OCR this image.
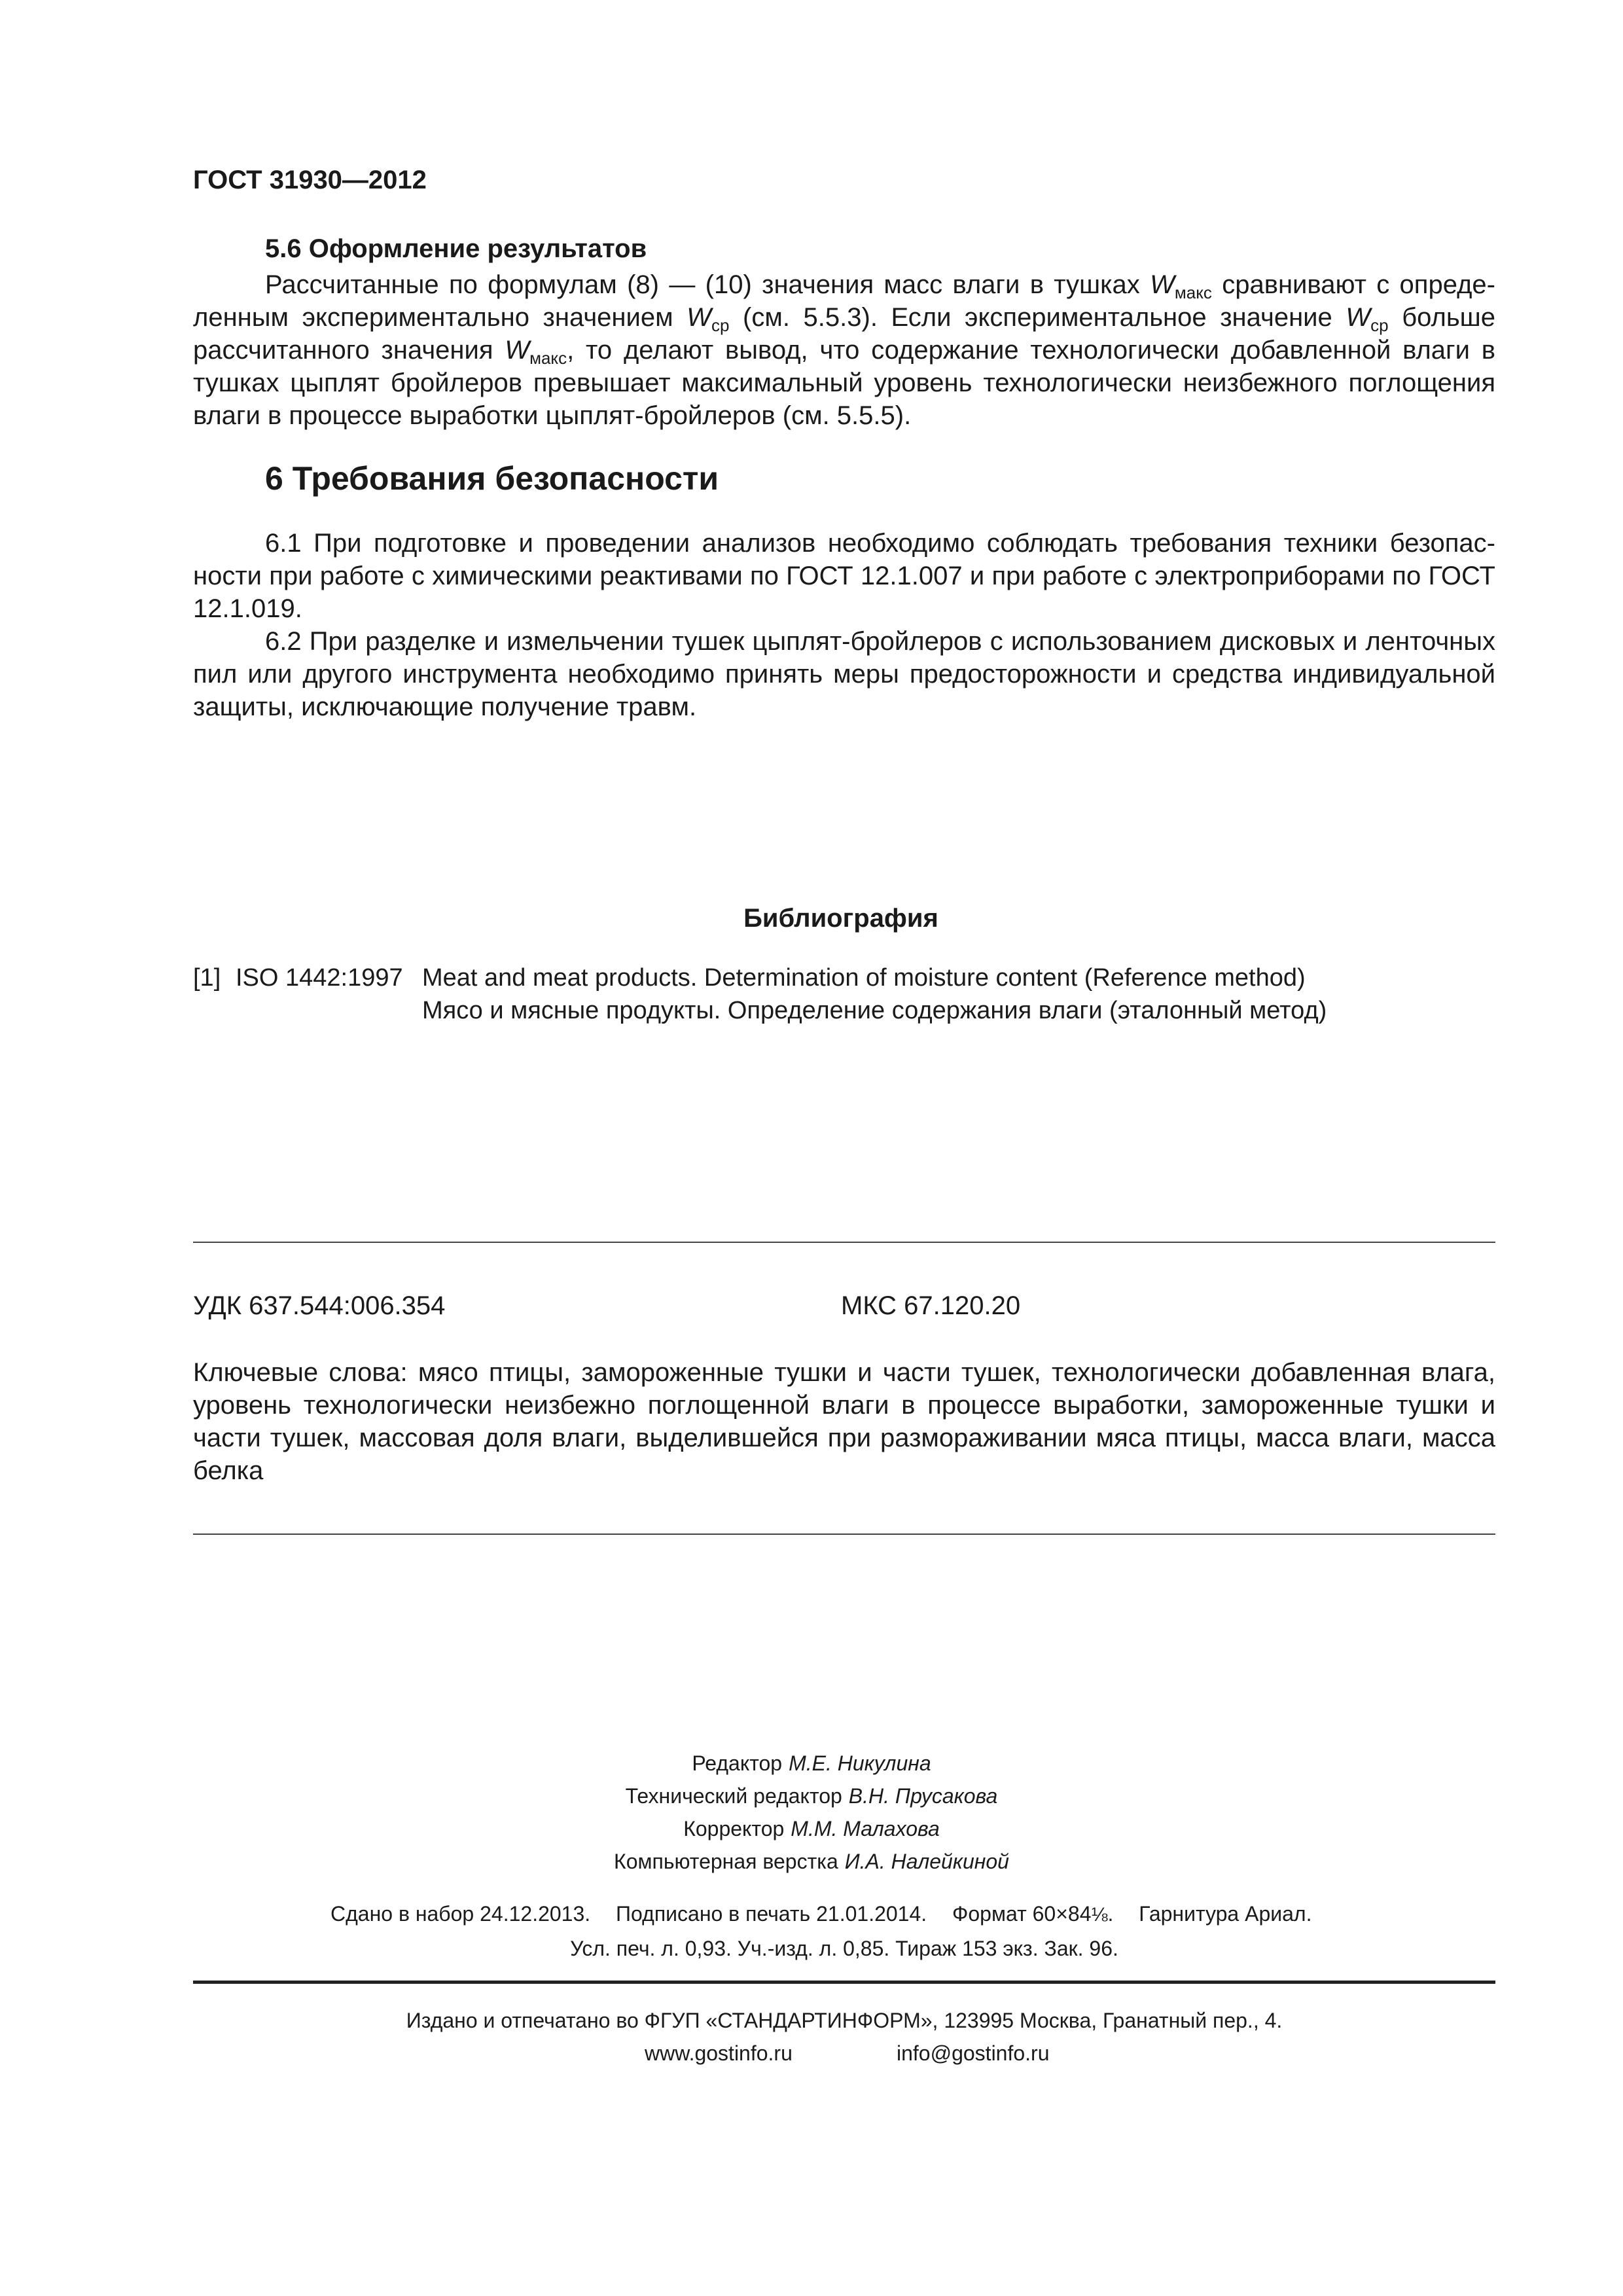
ГОСТ 31930—2012
5.6 Оформление результатов
Рассчитанные по формулам (8) — (10) значения масс влаги в тушках $W_{макс}$ сравнивают с определенным экспериментально значением $W_{ср}$ (см. 5.5.3). Если экспериментальное значение $W_{ср}$ больше рассчитанного значения $W_{макс}$, то делают вывод, что содержание технологически добавленной влаги в тушках цыплят бройлеров превышает максимальный уровень технологически неизбежного поглощения влаги в процессе выработки цыплят-бройлеров (см. 5.5.5).
6 Требования безопасности
6.1 При подготовке и проведении анализов необходимо соблюдать требования техники безопасности при работе с химическими реактивами по ГОСТ 12.1.007 и при работе с электроприборами по ГОСТ 12.1.019.
6.2 При разделке и измельчении тушек цыплят-бройлеров с использованием дисковых и ленточных пил или другого инструмента необходимо принять меры предосторожности и средства индивидуальной защиты, исключающие получение травм.
Библиография
[1] ISO 1442:1997 Meat and meat products. Determination of moisture content (Reference method)
Мясо и мясные продукты. Определение содержания влаги (эталонный метод)
УДК 637.544:006.354	МКС 67.120.20
Ключевые слова: мясо птицы, замороженные тушки и части тушек, технологически добавленная влага, уровень технологически неизбежно поглощенной влаги в процессе выработки, замороженные тушки и части тушек, массовая доля влаги, выделившейся при размораживании мяса птицы, масса влаги, масса белка
Редактор М.Е. Никулина
Технический редактор В.Н. Прусакова
Корректор М.М. Малахова
Компьютерная верстка И.А. Налейкиной
Сдано в набор 24.12.2013. Подписано в печать 21.01.2014. Формат 60×84⅛. Гарнитура Ариал.
Усл. печ. л. 0,93. Уч.-изд. л. 0,85. Тираж 153 экз. Зак. 96.
Издано и отпечатано во ФГУП «СТАНДАРТИНФОРМ», 123995 Москва, Гранатный пер., 4.
www.gostinfo.ru	info@gostinfo.ru
